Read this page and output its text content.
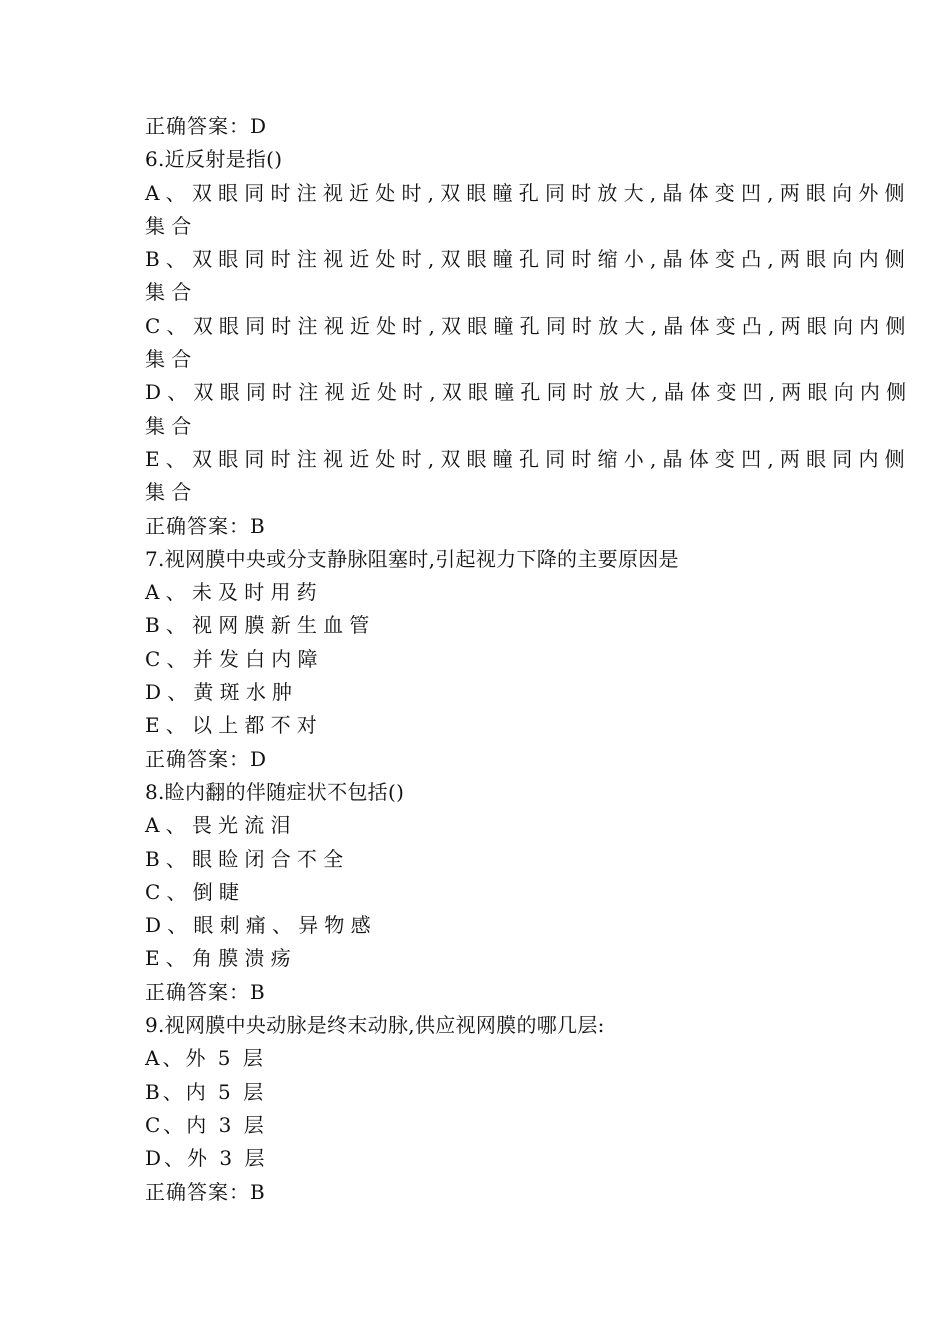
正确答案：D
6.近反射是指()
A、双眼同时注视近处时,双眼瞳孔同时放大,晶体变凹,两眼向外侧
集合
B、双眼同时注视近处时,双眼瞳孔同时缩小,晶体变凸,两眼向内侧
集合
C、双眼同时注视近处时,双眼瞳孔同时放大,晶体变凸,两眼向内侧
集合
D、双眼同时注视近处时,双眼瞳孔同时放大,晶体变凹,两眼向内侧
集合
E、双眼同时注视近处时,双眼瞳孔同时缩小,晶体变凹,两眼同内侧
集合
正确答案：B
7.视网膜中央或分支静脉阻塞时,引起视力下降的主要原因是
A、未及时用药
B、视网膜新生血管
C、并发白内障
D、黄斑水肿
E、以上都不对
正确答案：D
8.睑内翻的伴随症状不包括()
A、畏光流泪
B、眼睑闭合不全
C、倒睫
D、眼刺痛、异物感
E、角膜溃疡
正确答案：B
9.视网膜中央动脉是终末动脉,供应视网膜的哪几层:
A、外 5 层
B、内 5 层
C、内 3 层
D、外 3 层
正确答案：B
